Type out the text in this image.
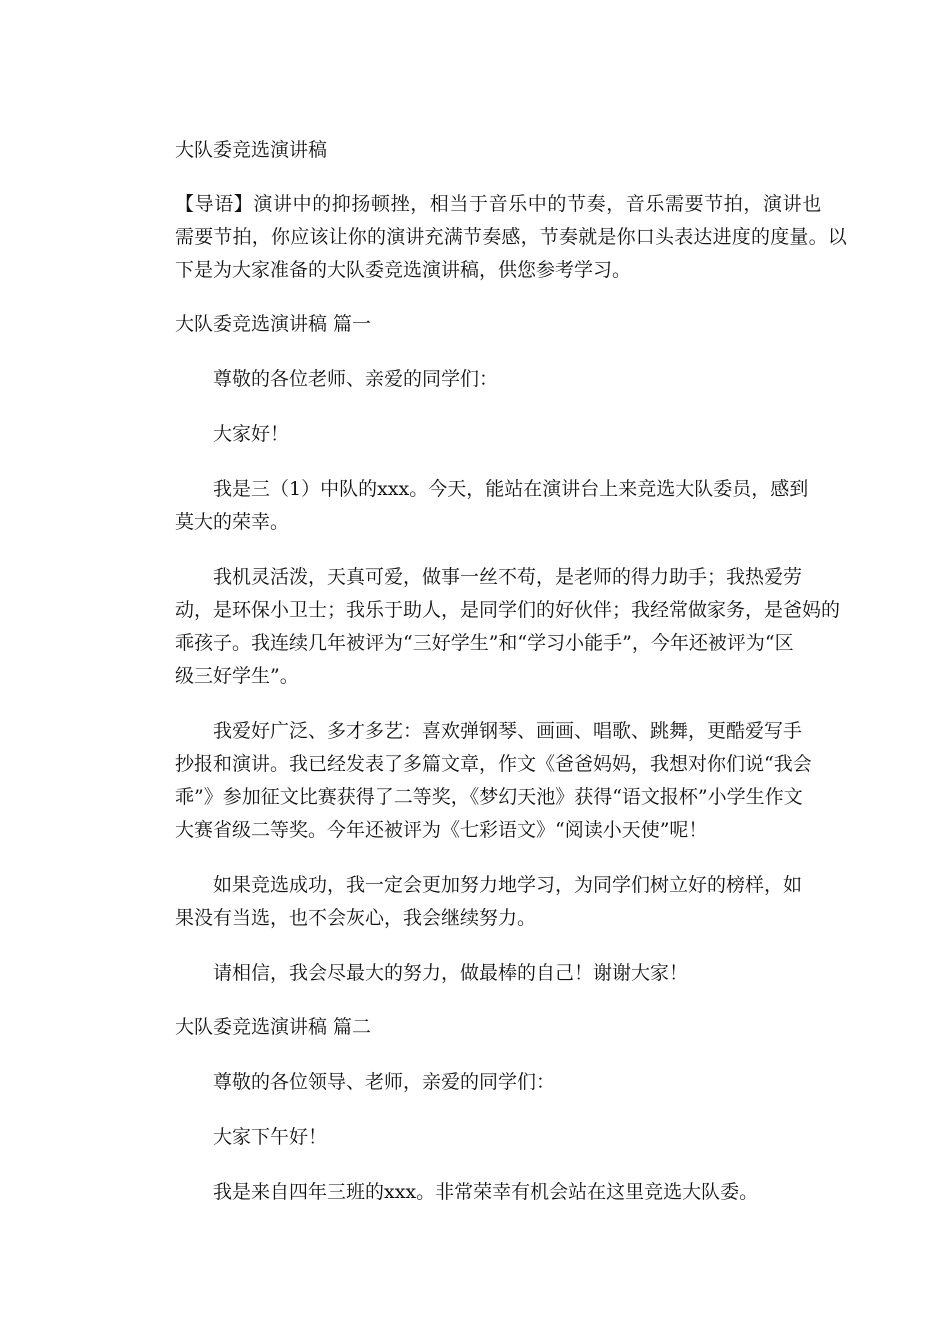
大队委竞选演讲稿
【导语】演讲中的抑扬顿挫，相当于音乐中的节奏，音乐需要节拍，演讲也
需要节拍，你应该让你的演讲充满节奏感，节奏就是你口头表达进度的度量。以
下是为大家准备的大队委竞选演讲稿，供您参考学习。
大队委竞选演讲稿 篇一
尊敬的各位老师、亲爱的同学们：
大家好！
我是三（1）中队的xxx。今天，能站在演讲台上来竞选大队委员，感到
莫大的荣幸。
我机灵活泼，天真可爱，做事一丝不苟，是老师的得力助手；我热爱劳
动，是环保小卫士；我乐于助人，是同学们的好伙伴；我经常做家务，是爸妈的
乖孩子。我连续几年被评为“三好学生”和“学习小能手”，今年还被评为“区
级三好学生”。
我爱好广泛、多才多艺：喜欢弹钢琴、画画、唱歌、跳舞，更酷爱写手
抄报和演讲。我已经发表了多篇文章，作文《爸爸妈妈，我想对你们说“我会
乖”》参加征文比赛获得了二等奖，《梦幻天池》获得“语文报杯”小学生作文
大赛省级二等奖。今年还被评为《七彩语文》“阅读小天使”呢！
如果竞选成功，我一定会更加努力地学习，为同学们树立好的榜样，如
果没有当选，也不会灰心，我会继续努力。
请相信，我会尽最大的努力，做最棒的自己！谢谢大家！
大队委竞选演讲稿 篇二
尊敬的各位领导、老师，亲爱的同学们：
大家下午好！
我是来自四年三班的xxx。非常荣幸有机会站在这里竞选大队委。
